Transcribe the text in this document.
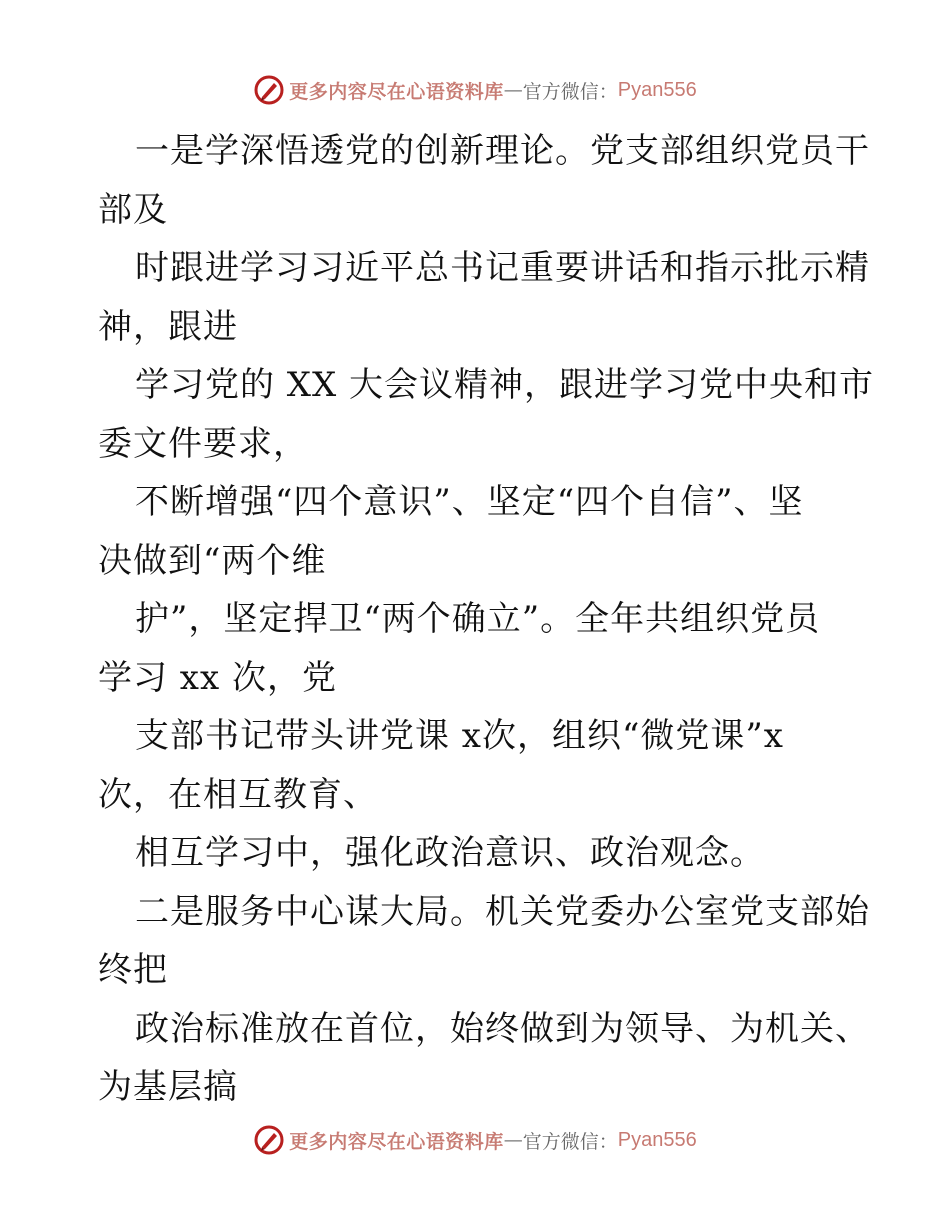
更多内容尽在心语资料库 — 官方微信： Pyan556
一是学深悟透党的创新理论。党支部组织党员干
部及
时跟进学习习近平总书记重要讲话和指示批示精
神，跟进
学习党的 XX 大会议精神，跟进学习党中央和市
委文件要求，
不断增强“四个意识”、坚定“四个自信”、坚
决做到“两个维
护”，坚定捍卫“两个确立”。全年共组织党员
学习 xx 次，党
支部书记带头讲党课 x次，组织“微党课”x
次，在相互教育、
相互学习中，强化政治意识、政治观念。
二是服务中心谋大局。机关党委办公室党支部始
终把
政治标准放在首位，始终做到为领导、为机关、
为基层搞
更多内容尽在心语资料库 — 官方微信： Pyan556
